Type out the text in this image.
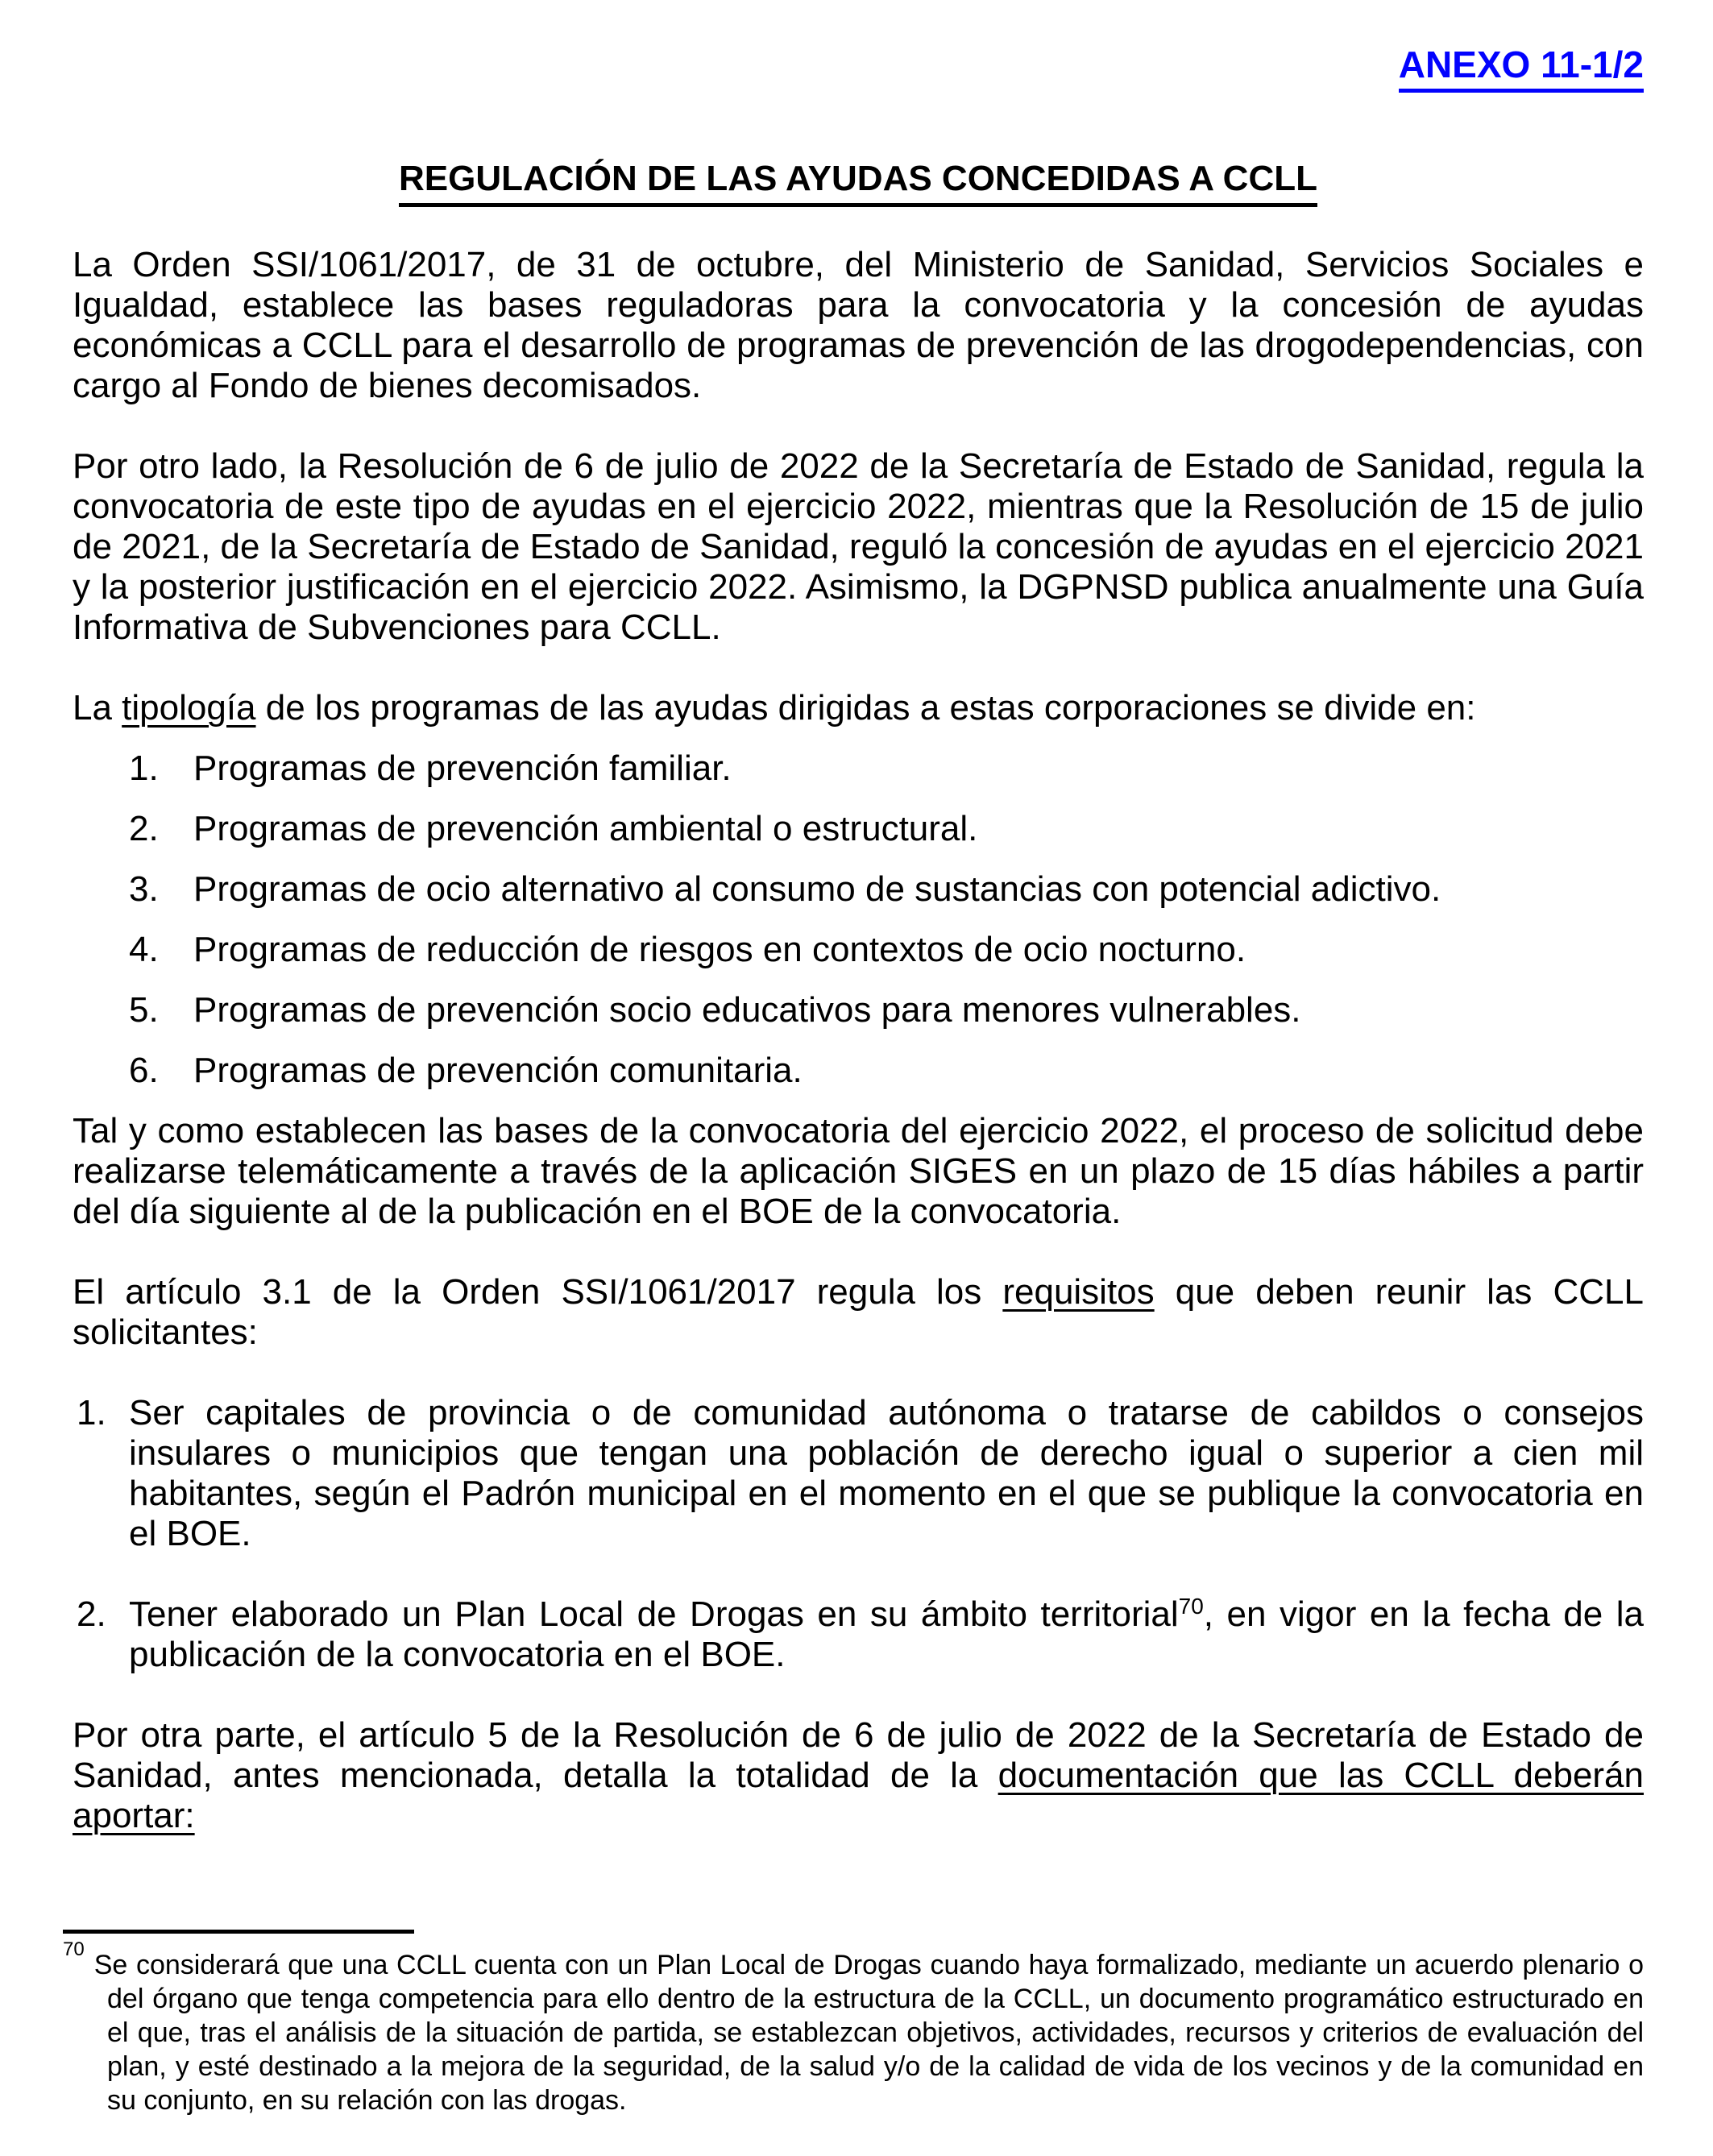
ANEXO 11-1/2
REGULACIÓN DE LAS AYUDAS CONCEDIDAS A CCLL

La Orden SSI/1061/2017, de 31 de octubre, del Ministerio de Sanidad, Servicios Sociales e Igualdad, establece las bases reguladoras para la convocatoria y la concesión de ayudas económicas a CCLL para el desarrollo de programas de prevención de las drogodependencias, con cargo al Fondo de bienes decomisados.

Por otro lado, la Resolución de 6 de julio de 2022 de la Secretaría de Estado de Sanidad, regula la convocatoria de este tipo de ayudas en el ejercicio 2022, mientras que la Resolución de 15 de julio de 2021, de la Secretaría de Estado de Sanidad, reguló la concesión de ayudas en el ejercicio 2021 y la posterior justificación en el ejercicio 2022. Asimismo, la DGPNSD publica anualmente una Guía Informativa de Subvenciones para CCLL.

La tipología de los programas de las ayudas dirigidas a estas corporaciones se divide en:

1. Programas de prevención familiar.
2. Programas de prevención ambiental o estructural.
3. Programas de ocio alternativo al consumo de sustancias con potencial adictivo.
4. Programas de reducción de riesgos en contextos de ocio nocturno.
5. Programas de prevención socio educativos para menores vulnerables.
6. Programas de prevención comunitaria.

Tal y como establecen las bases de la convocatoria del ejercicio 2022, el proceso de solicitud debe realizarse telemáticamente a través de la aplicación SIGES en un plazo de 15 días hábiles a partir del día siguiente al de la publicación en el BOE de la convocatoria.

El artículo 3.1 de la Orden SSI/1061/2017 regula los requisitos que deben reunir las CCLL solicitantes:

1. Ser capitales de provincia o de comunidad autónoma o tratarse de cabildos o consejos insulares o municipios que tengan una población de derecho igual o superior a cien mil habitantes, según el Padrón municipal en el momento en el que se publique la convocatoria en el BOE.
2. Tener elaborado un Plan Local de Drogas en su ámbito territorial$^{70}$, en vigor en la fecha de la publicación de la convocatoria en el BOE.

Por otra parte, el artículo 5 de la Resolución de 6 de julio de 2022 de la Secretaría de Estado de Sanidad, antes mencionada, detalla la totalidad de la documentación que las CCLL deberán aportar:

$^{70}$Se considerará que una CCLL cuenta con un Plan Local de Drogas cuando haya formalizado, mediante un acuerdo plenario o del órgano que tenga competencia para ello dentro de la estructura de la CCLL, un documento programático estructurado en el que, tras el análisis de la situación de partida, se establezcan objetivos, actividades, recursos y criterios de evaluación del plan, y esté destinado a la mejora de la seguridad, de la salud y/o de la calidad de vida de los vecinos y de la comunidad en su conjunto, en su relación con las drogas.
